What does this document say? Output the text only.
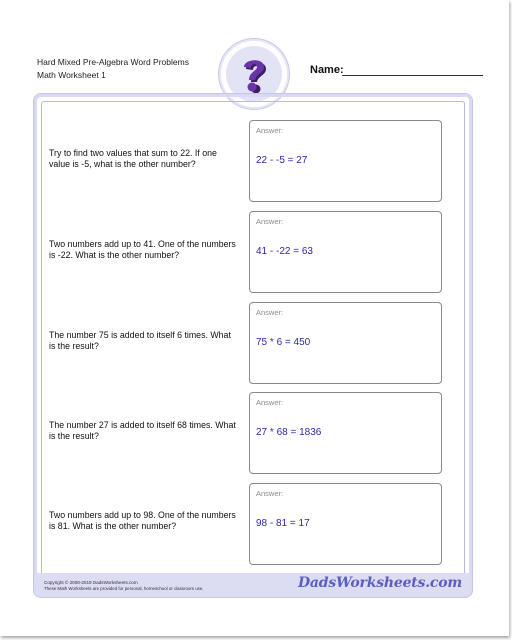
Hard Mixed Pre-Algebra Word Problems
Math Worksheet 1	Name:
Try to find two values that sum to 22. If one value is -5, what is the other number?
Answer:
22 - -5 = 27
Two numbers add up to 41. One of the numbers is -22. What is the other number?
Answer:
41 - -22 = 63
The number 75 is added to itself 6 times. What is the result?
Answer:
75 * 6 = 450
The number 27 is added to itself 68 times. What is the result?
Answer:
27 * 68 = 1836
Two numbers add up to 98. One of the numbers is 81. What is the other number?
Answer:
98 - 81 = 17
Copyright © 2008-2019 DadsWorksheets.com
These Math Worksheets are provided for personal, homeschool or classroom use.	DadsWorksheets.com
